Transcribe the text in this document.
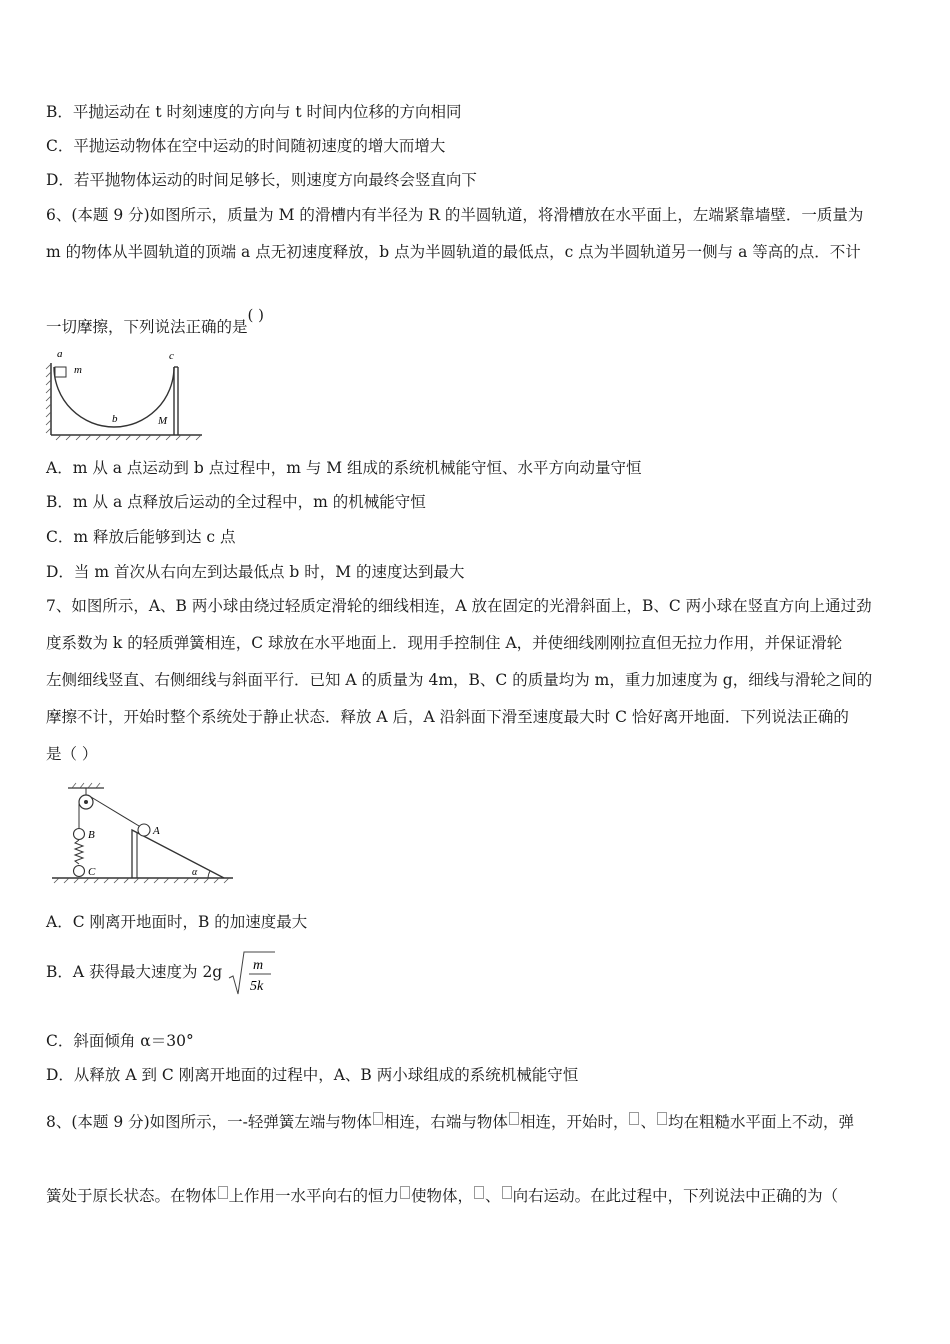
B．平抛运动在 t 时刻速度的方向与 t 时间内位移的方向相同
C．平抛运动物体在空中运动的时间随初速度的增大而增大
D．若平抛物体运动的时间足够长，则速度方向最终会竖直向下
6、(本题 9 分)如图所示，质量为 M 的滑槽内有半径为 R 的半圆轨道，将滑槽放在水平面上，左端紧靠墙壁．一质量为
m 的物体从半圆轨道的顶端 a 点无初速度释放，b 点为半圆轨道的最低点，c 点为半圆轨道另一侧与 a 等高的点．不计
一切摩擦，下列说法正确的是( )
a
m
b	M
c
A．m 从 a 点运动到 b 点过程中，m 与 M 组成的系统机械能守恒、水平方向动量守恒
B．m 从 a 点释放后运动的全过程中，m 的机械能守恒
C．m 释放后能够到达 c 点
D．当 m 首次从右向左到达最低点 b 时，M 的速度达到最大
7、如图所示，A、B 两小球由绕过轻质定滑轮的细线相连，A 放在固定的光滑斜面上，B、C 两小球在竖直方向上通过劲
度系数为 k 的轻质弹簧相连，C 球放在水平地面上．现用手控制住 A，并使细线刚刚拉直但无拉力作用，并保证滑轮
左侧细线竖直、右侧细线与斜面平行．已知 A 的质量为 4m，B、C 的质量均为 m，重力加速度为 g，细线与滑轮之间的
摩擦不计，开始时整个系统处于静止状态．释放 A 后，A 沿斜面下滑至速度最大时 C 恰好离开地面．下列说法正确的
是（ ）
A
B
C	α
A．C 刚离开地面时，B 的加速度最大
B．A 获得最大速度为 2g m
5k
C．斜面倾角 α＝30°
D．从释放 A 到 C 刚离开地面的过程中，A、B 两小球组成的系统机械能守恒
8、(本题 9 分)如图所示，一-轻弹簧左端与物体 相连，右端与物体 相连，开始时， 、 均在粗糙水平面上不动，弹
簧处于原长状态。在物体 上作用一水平向右的恒力 使物体， 、 向右运动。在此过程中，下列说法中正确的为（
